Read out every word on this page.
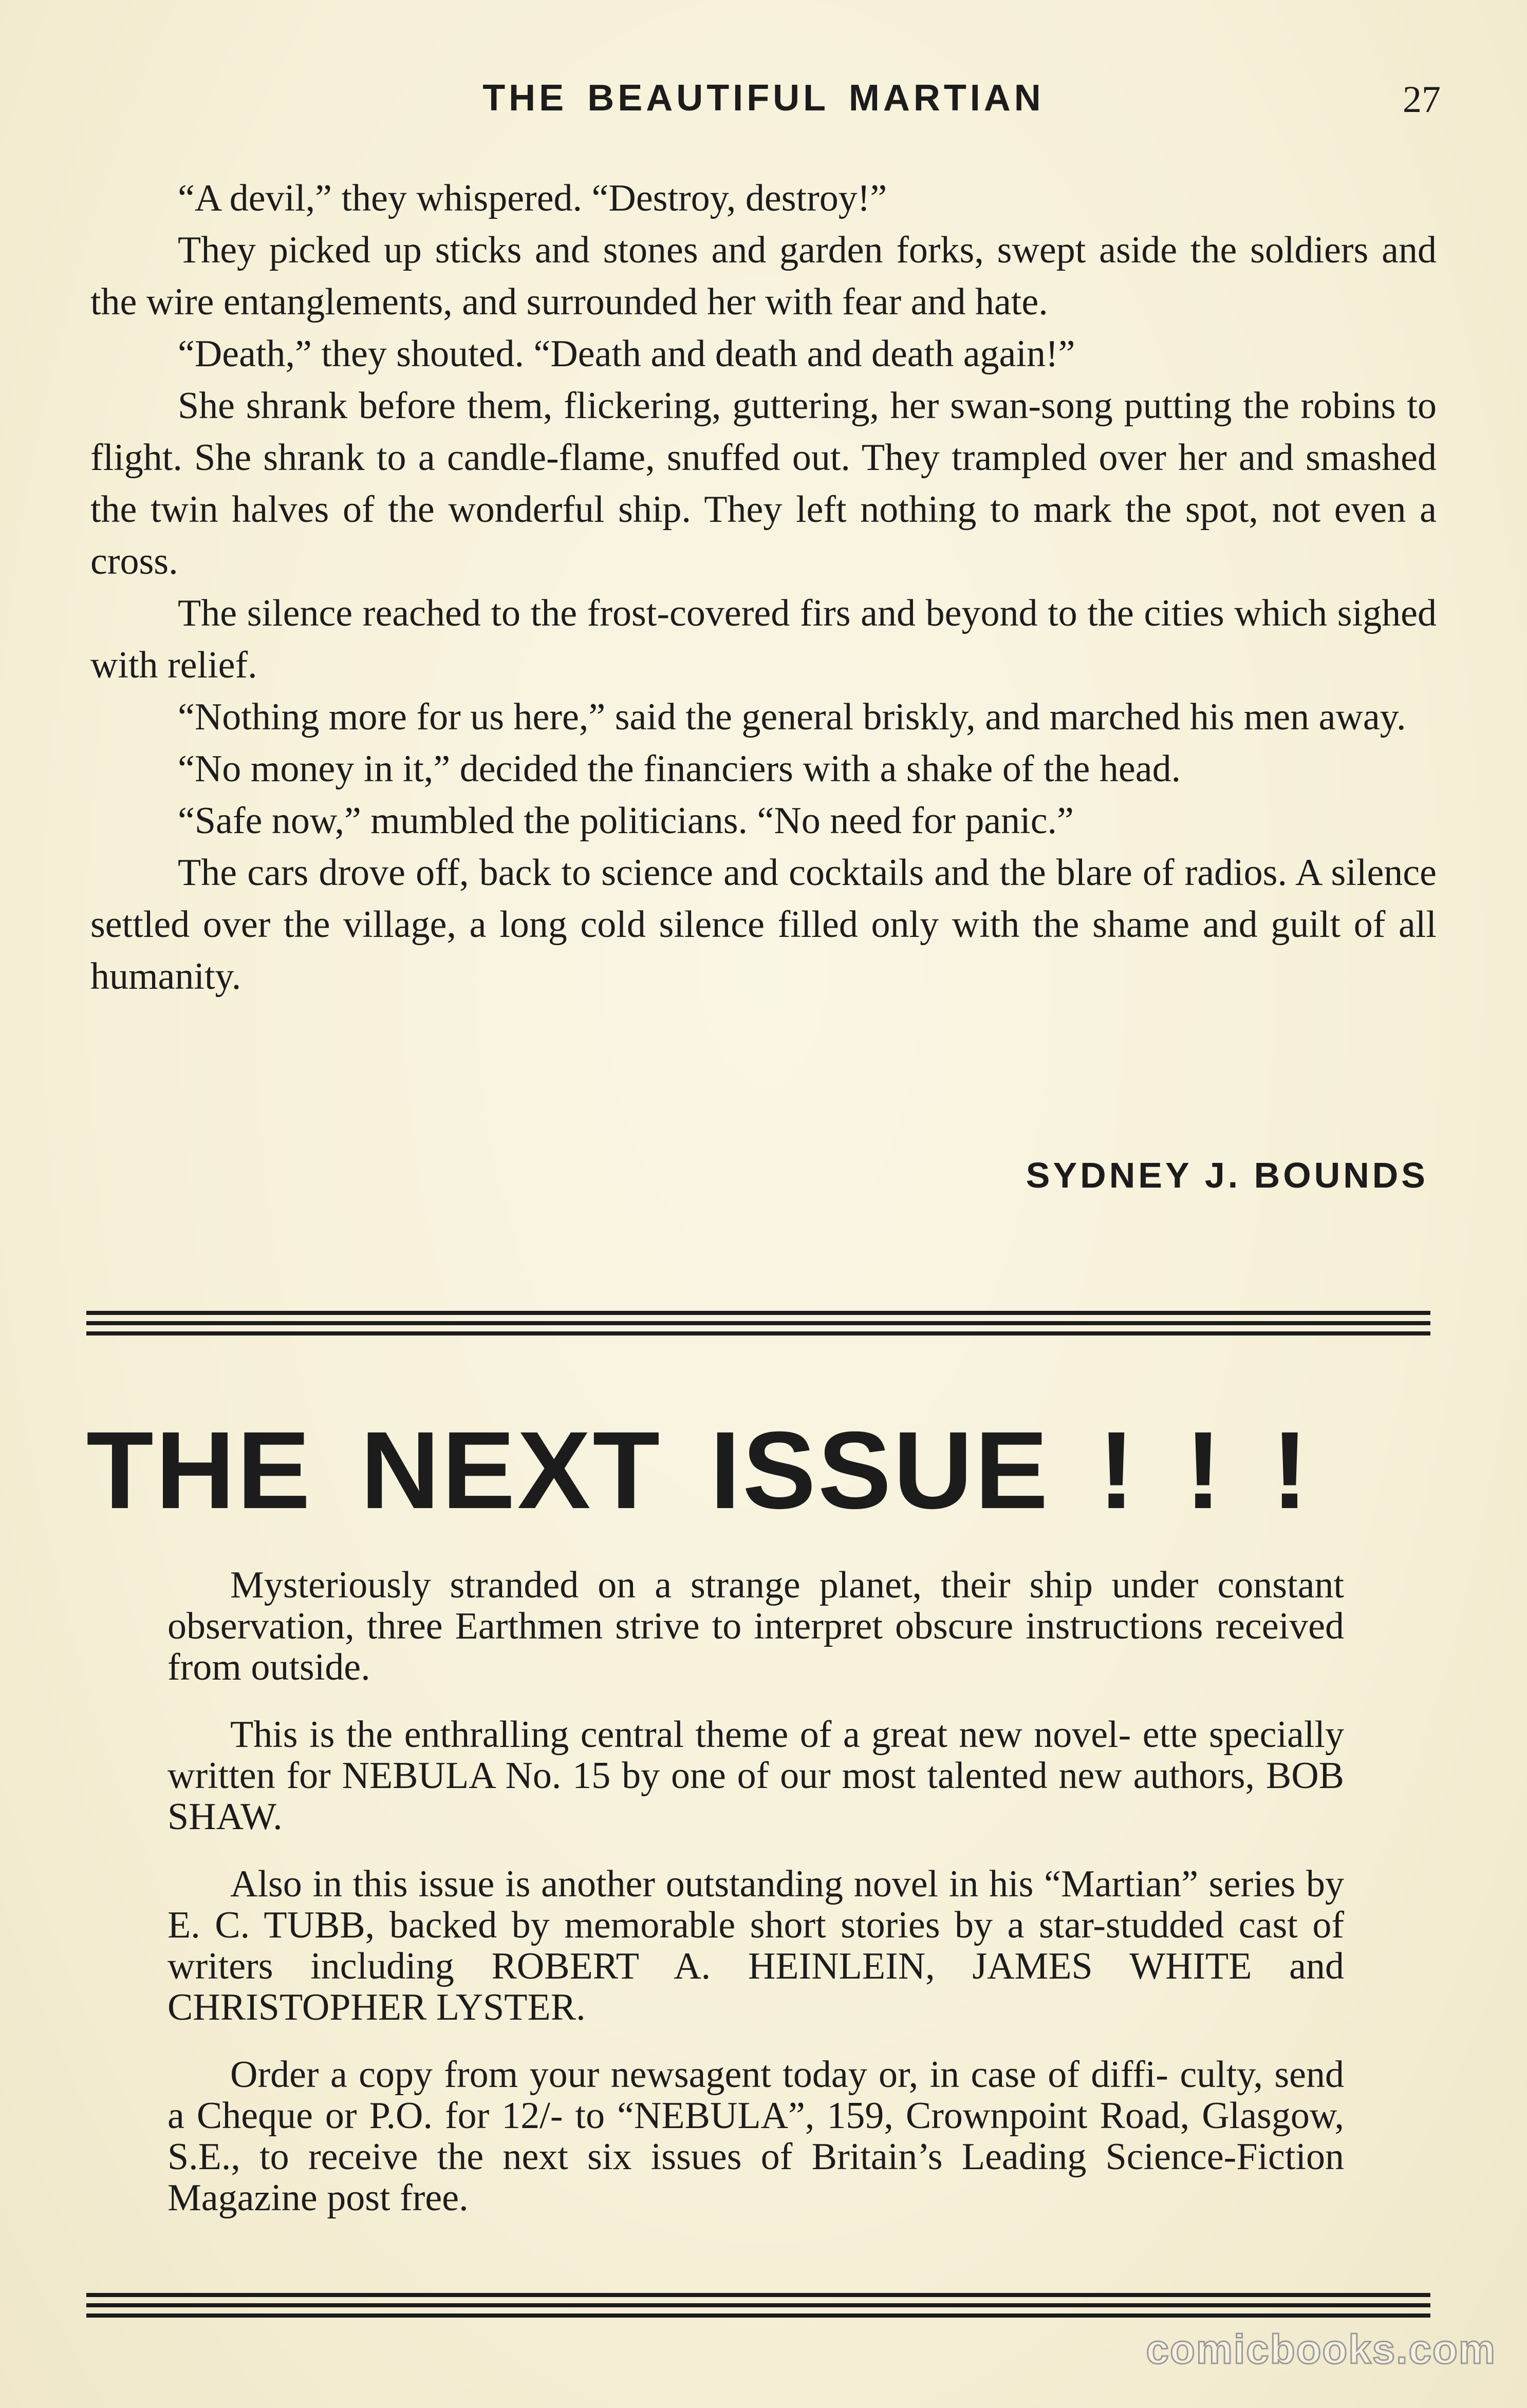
THE BEAUTIFUL MARTIAN	27

“A devil,” they whispered. “Destroy, destroy!”

They picked up sticks and stones and garden forks, swept aside the soldiers and the wire entanglements, and surrounded her with fear and hate.

“Death,” they shouted. “Death and death and death again!”

She shrank before them, flickering, guttering, her swan-song putting the robins to flight. She shrank to a candle-flame, snuffed out. They trampled over her and smashed the twin halves of the wonderful ship. They left nothing to mark the spot, not even a cross.

The silence reached to the frost-covered firs and beyond to the cities which sighed with relief.

“Nothing more for us here,” said the general briskly, and marched his men away.

“No money in it,” decided the financiers with a shake of the head.

“Safe now,” mumbled the politicians. “No need for panic.”

The cars drove off, back to science and cocktails and the blare of radios. A silence settled over the village, a long cold silence filled only with the shame and guilt of all humanity.

SYDNEY J. BOUNDS
THE NEXT ISSUE ! ! !

Mysteriously stranded on a strange planet, their ship under constant observation, three Earthmen strive to interpret obscure instructions received from outside.

This is the enthralling central theme of a great new novel- ette specially written for NEBULA No. 15 by one of our most talented new authors, BOB SHAW.

Also in this issue is another outstanding novel in his “Martian” series by E. C. TUBB, backed by memorable short stories by a star-studded cast of writers including ROBERT A. HEINLEIN, JAMES WHITE and CHRISTOPHER LYSTER.

Order a copy from your newsagent today or, in case of diffi- culty, send a Cheque or P.O. for 12/- to “NEBULA”, 159, Crownpoint Road, Glasgow, S.E., to receive the next six issues of Britain’s Leading Science-Fiction Magazine post free.

comicbooks.com
